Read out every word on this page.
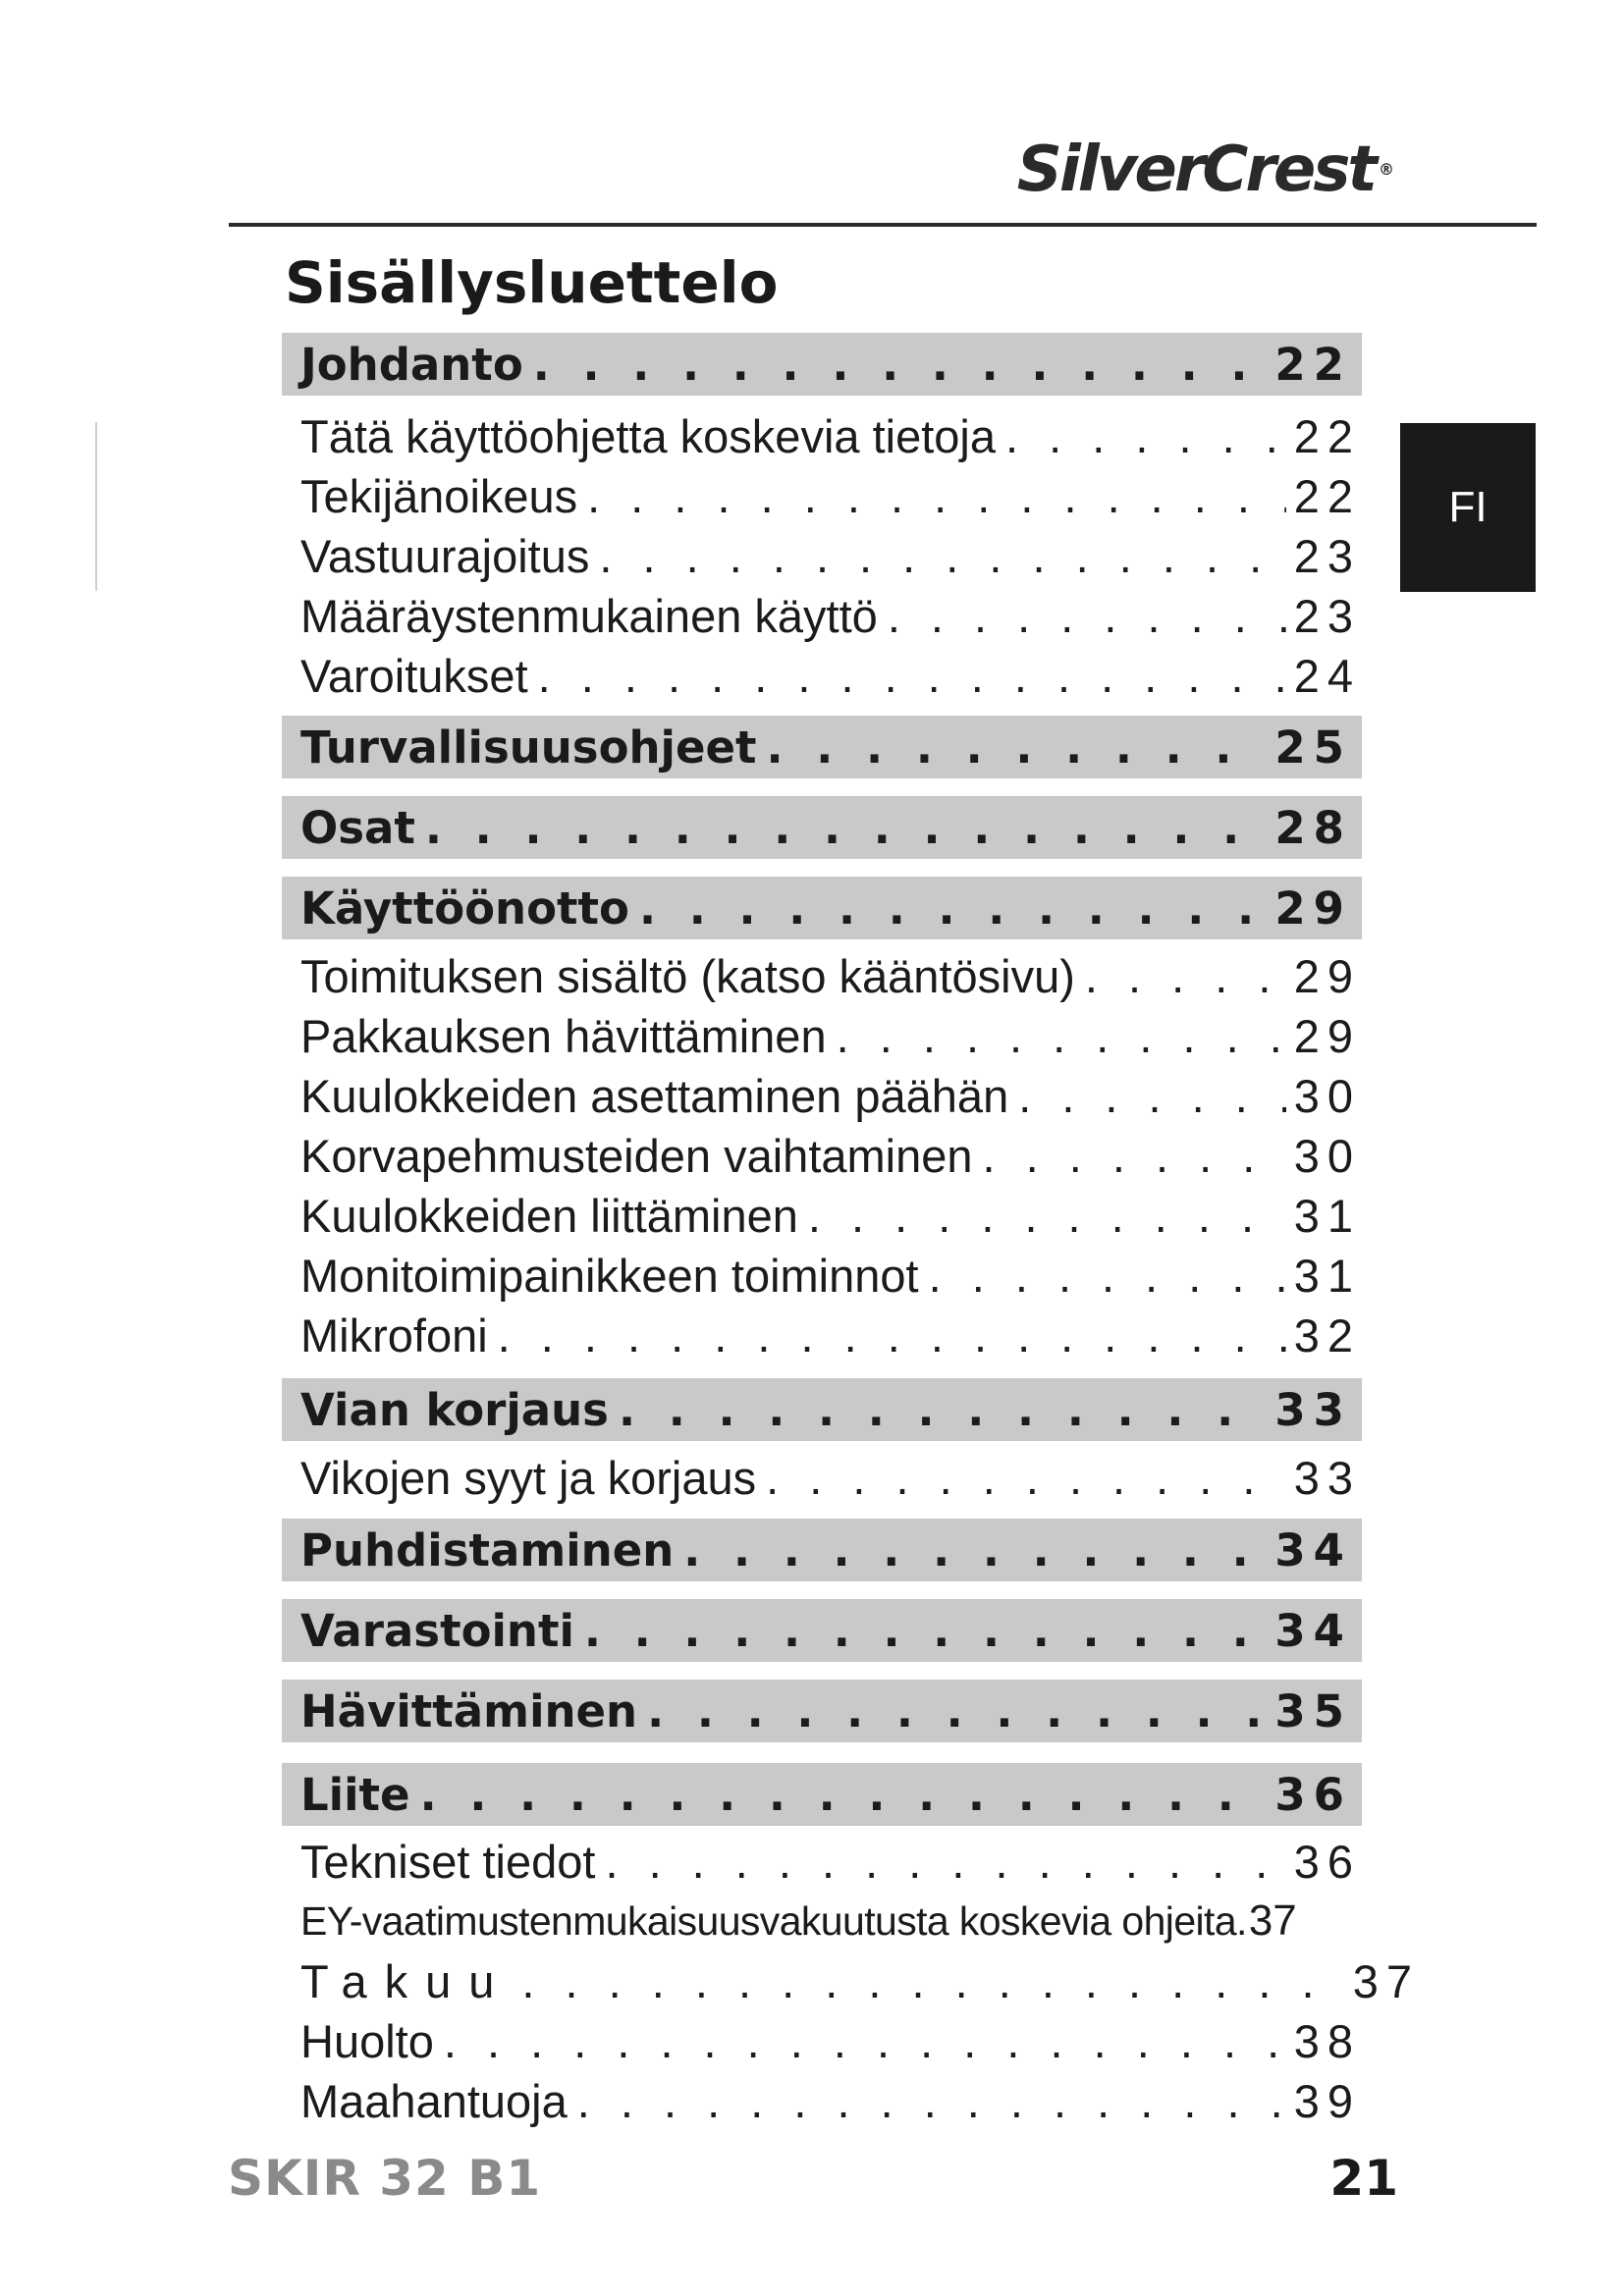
SilverCrest ®
FI
Sisällysluettelo
Johdanto . . .	22
Tätä käyttöohjetta koskevia tietoja . . .	22
Tekijänoikeus . . .	22
Vastuurajoitus . . .	23
Määräystenmukainen käyttö . . .	23
Varoitukset . . .	24
Turvallisuusohjeet . . .	25
Osat . . .	28
Käyttöönotto . . .	29
Toimituksen sisältö (katso kääntösivu) . . .	29
Pakkauksen hävittäminen . . .	29
Kuulokkeiden asettaminen päähän . . .	30
Korvapehmusteiden vaihtaminen . . .	30
Kuulokkeiden liittäminen . . .	31
Monitoimipainikkeen toiminnot . . .	31
Mikrofoni . . .	32
Vian korjaus . . .	33
Vikojen syyt ja korjaus . . .	33
Puhdistaminen . . .	34
Varastointi . . .	34
Hävittäminen . . .	35
Liite . . .	36
Tekniset tiedot . . .	36
EY-vaatimustenmukaisuusvakuutusta koskevia ohjeita. 37
Takuu . . .	37
Huolto . . .	38
Maahantuoja . . .	39
SKIR 32 B1	21
